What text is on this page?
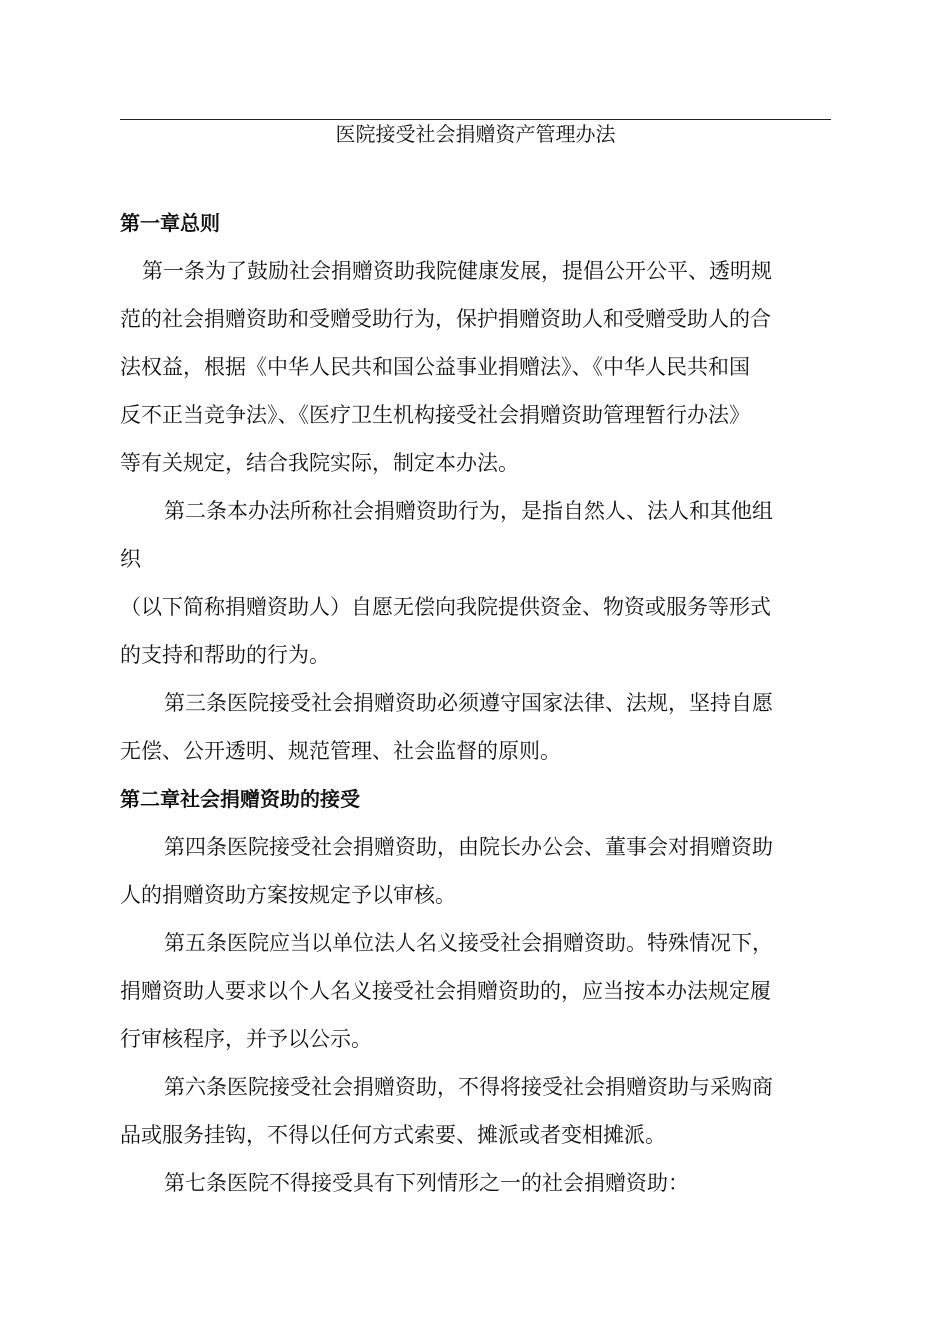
医院接受社会捐赠资产管理办法
第一章总则
第一条为了鼓励社会捐赠资助我院健康发展，提倡公开公平、透明规
范的社会捐赠资助和受赠受助行为，保护捐赠资助人和受赠受助人的合
法权益，根据《中华人民共和国公益事业捐赠法》、《中华人民共和国
反不正当竞争法》、《医疗卫生机构接受社会捐赠资助管理暂行办法》
等有关规定，结合我院实际，制定本办法。
第二条本办法所称社会捐赠资助行为，是指自然人、法人和其他组
织
（以下简称捐赠资助人）自愿无偿向我院提供资金、物资或服务等形式
的支持和帮助的行为。
第三条医院接受社会捐赠资助必须遵守国家法律、法规，坚持自愿
无偿、公开透明、规范管理、社会监督的原则。
第二章社会捐赠资助的接受
第四条医院接受社会捐赠资助，由院长办公会、董事会对捐赠资助
人的捐赠资助方案按规定予以审核。
第五条医院应当以单位法人名义接受社会捐赠资助。特殊情况下，
捐赠资助人要求以个人名义接受社会捐赠资助的，应当按本办法规定履
行审核程序，并予以公示。
第六条医院接受社会捐赠资助，不得将接受社会捐赠资助与采购商
品或服务挂钩，不得以任何方式索要、摊派或者变相摊派。
第七条医院不得接受具有下列情形之一的社会捐赠资助：
